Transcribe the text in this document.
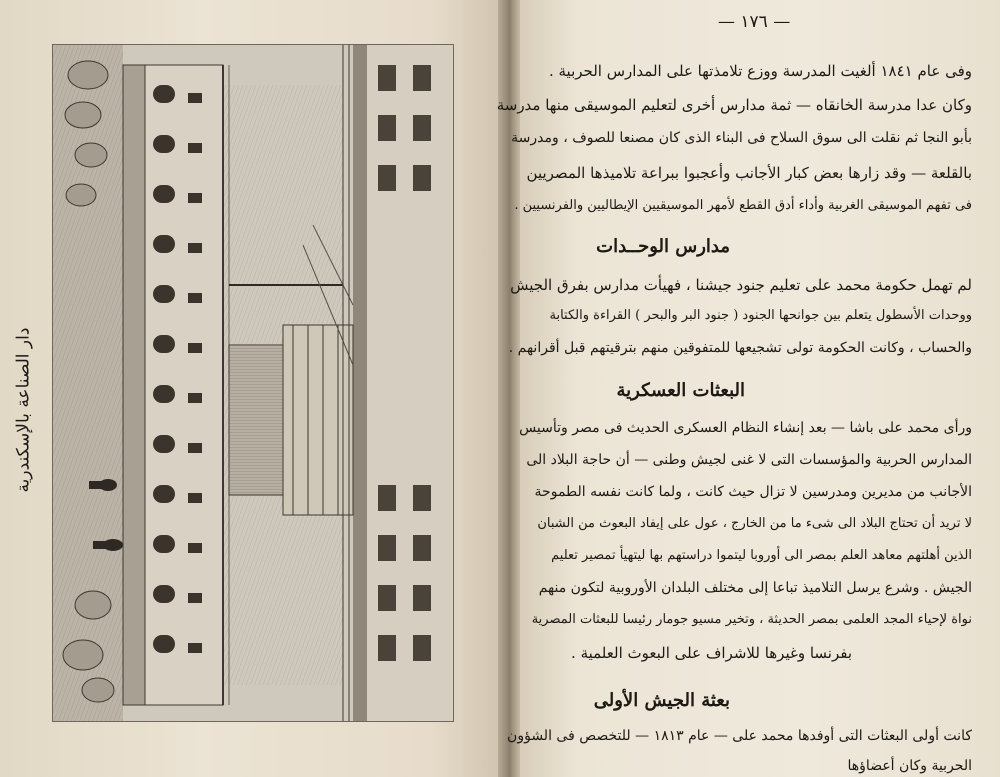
دار الصناعة بالإسكندرية
— ١٧٦ —
وفى عام ١٨٤١ ألغيت المدرسة ووزع تلامذتها على المدارس الحربية .
وكان عدا مدرسة الخانقاه — ثمة مدارس أخرى لتعليم الموسيقى منها مدرسة
بأبو النجا ثم نقلت الى سوق السلاح فى البناء الذى كان مصنعا للصوف ، ومدرسة
بالقلعة — وقد زارها بعض كبار الأجانب وأعجبوا ببراعة تلاميذها المصريين
فى تفهم الموسيقى الغربية وأداء أدق القطع لأمهر الموسيقيين الإيطاليين والفرنسيين .
مدارس الوحــدات
لم تهمل حكومة محمد على تعليم جنود جيشنا ، فهيأت مدارس بفرق الجيش
ووحدات الأسطول يتعلم بين جوانحها الجنود ( جنود البر والبحر ) القراءة والكتابة
والحساب ، وكانت الحكومة تولى تشجيعها للمتفوقين منهم بترقيتهم قبل أقرانهم .
البعثات العسكرية
ورأى محمد على باشا — بعد إنشاء النظام العسكرى الحديث فى مصر وتأسيس
المدارس الحربية والمؤسسات التى لا غنى لجيش وطنى — أن حاجة البلاد الى
الأجانب من مديرين ومدرسين لا تزال حيث كانت ، ولما كانت نفسه الطموحة
لا تريد أن تحتاج البلاد الى شىء ما من الخارج ، عول على إيفاد البعوث من الشبان
الذين أهلتهم معاهد العلم بمصر الى أوروبا ليتموا دراستهم بها ليتهيأ تمصير تعليم
الجيش . وشرع يرسل التلاميذ تباعا إلى مختلف البلدان الأوروبية لتكون منهم
نواة لإحياء المجد العلمى بمصر الحديثة ، وتخير مسيو جومار رئيسا للبعثات المصرية
بفرنسا وغيرها للاشراف على البعوث العلمية .
بعثة الجيش الأولى
كانت أولى البعثات التى أوفدها محمد على — عام ١٨١٣ — للتخصص فى الشؤون
الحربية وكان أعضاؤها
